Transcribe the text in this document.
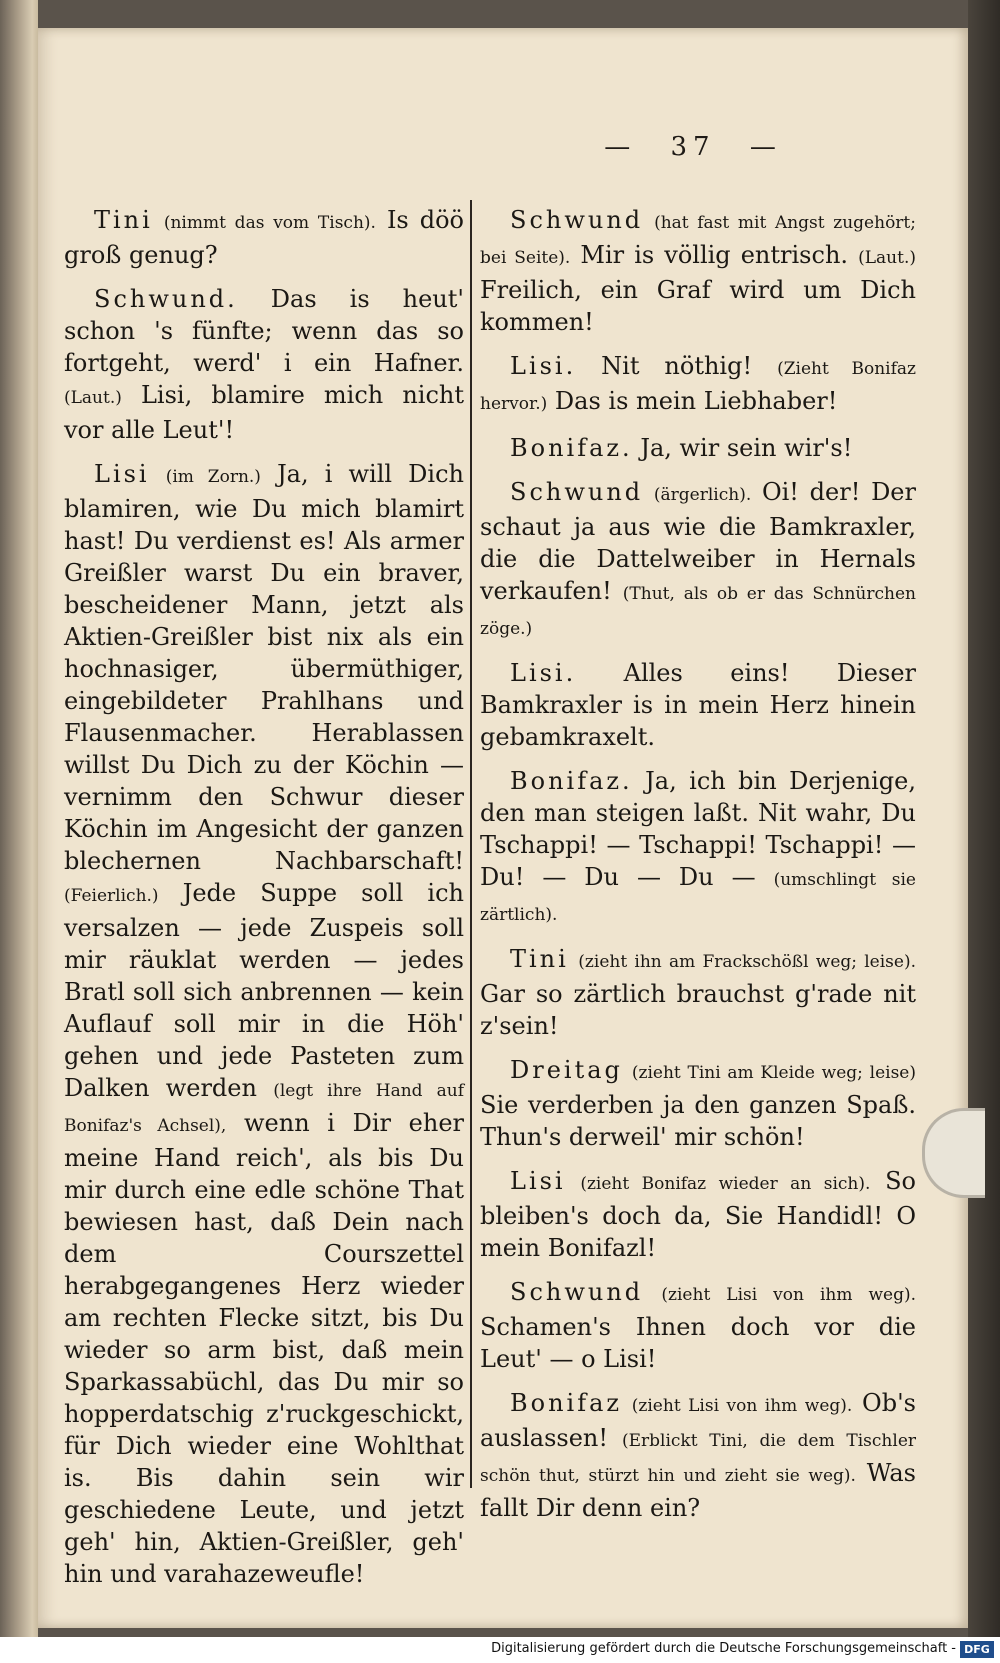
— 37 —

Tini (nimmt das vom Tisch). Is döö groß genug?

Schwund. Das is heut' schon 's fünfte; wenn das so fortgeht, werd' i ein Hafner. (Laut.) Lisi, blamire mich nicht vor alle Leut'!

Lisi (im Zorn.) Ja, i will Dich blamiren, wie Du mich blamirt hast! Du verdienst es! Als armer Greißler warst Du ein braver, bescheidener Mann, jetzt als Aktien-Greißler bist nix als ein hochnasiger, übermüthiger, eingebildeter Prahlhans und Flausenmacher. Herablassen willst Du Dich zu der Köchin — vernimm den Schwur dieser Köchin im Angesicht der ganzen blechernen Nachbarschaft! (Feierlich.) Jede Suppe soll ich versalzen — jede Zuspeis soll mir räuklat werden — jedes Bratl soll sich anbrennen — kein Auflauf soll mir in die Höh' gehen und jede Pasteten zum Dalken werden (legt ihre Hand auf Bonifaz's Achsel), wenn i Dir eher meine Hand reich', als bis Du mir durch eine edle schöne That bewiesen hast, daß Dein nach dem Courszettel herabgegangenes Herz wieder am rechten Flecke sitzt, bis Du wieder so arm bist, daß mein Sparkassabüchl, das Du mir so hopperdatschig z'ruckgeschickt, für Dich wieder eine Wohlthat is. Bis dahin sein wir geschiedene Leute, und jetzt geh' hin, Aktien-Greißler, geh' hin und varahazeweufle!

Schwund (hat fast mit Angst zugehört; bei Seite). Mir is völlig entrisch. (Laut.) Freilich, ein Graf wird um Dich kommen!

Lisi. Nit nöthig! (Zieht Bonifaz hervor.) Das is mein Liebhaber!

Bonifaz. Ja, wir sein wir's!

Schwund (ärgerlich). Oi! der! Der schaut ja aus wie die Bamkraxler, die die Dattelweiber in Hernals verkaufen! (Thut, als ob er das Schnürchen zöge.)

Lisi. Alles eins! Dieser Bamkraxler is in mein Herz hinein gebamkraxelt.

Bonifaz. Ja, ich bin Derjenige, den man steigen laßt. Nit wahr, Du Tschappi! — Tschappi! Tschappi! — Du! — Du — Du — (umschlingt sie zärtlich).

Tini (zieht ihn am Frackschößl weg; leise). Gar so zärtlich brauchst g'rade nit z'sein!

Dreitag (zieht Tini am Kleide weg; leise) Sie verderben ja den ganzen Spaß. Thun's derweil' mir schön!

Lisi (zieht Bonifaz wieder an sich). So bleiben's doch da, Sie Handidl! O mein Bonifazl!

Schwund (zieht Lisi von ihm weg). Schamen's Ihnen doch vor die Leut' — o Lisi!

Bonifaz (zieht Lisi von ihm weg). Ob's auslassen! (Erblickt Tini, die dem Tischler schön thut, stürzt hin und zieht sie weg). Was fallt Dir denn ein?

Digitalisierung gefördert durch die Deutsche Forschungsgemeinschaft - DFG
